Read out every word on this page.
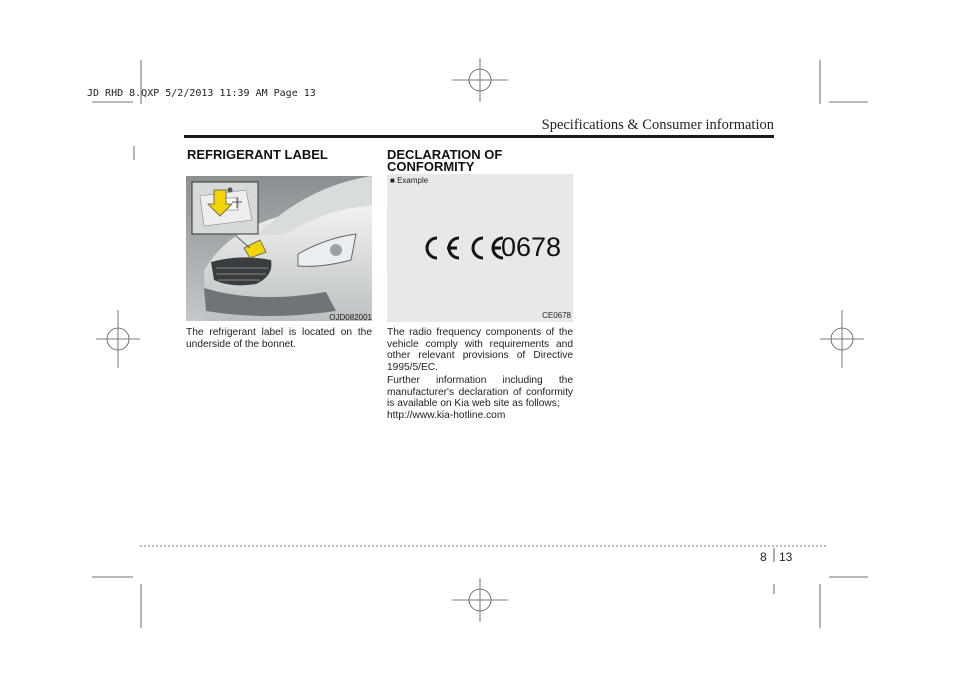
JD RHD 8.QXP 5/2/2013 11:39 AM Page 13
Specifications & Consumer information
REFRIGERANT LABEL
OJD082001
The refrigerant label is located on the underside of the bonnet.
DECLARATION OF
CONFORMITY
■ Example
0678
CE0678
The radio frequency components of the vehicle comply with requirements and other relevant provisions of Directive 1995/5/EC.
Further information including the manufacturer's declaration of conformity is available on Kia web site as follows;
http://www.kia-hotline.com
8 13
